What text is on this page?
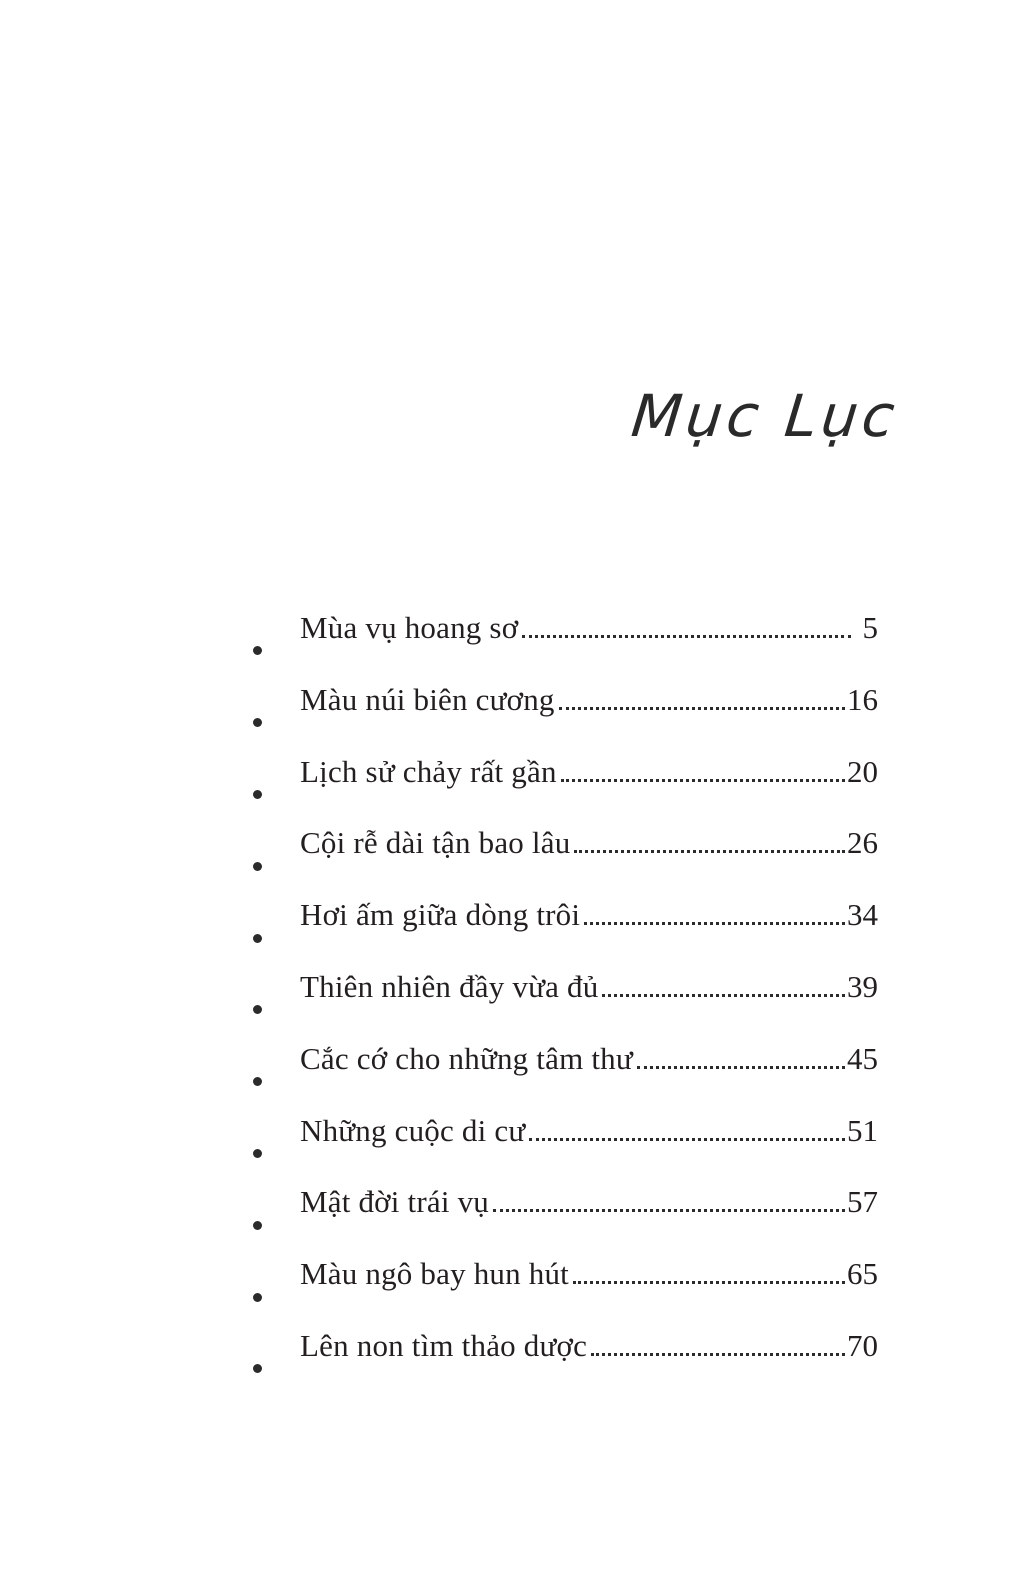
Mục Lục
Mùa vụ hoang sơ	5
Màu núi biên cương	16
Lịch sử chảy rất gần	20
Cội rễ dài tận bao lâu	26
Hơi ấm giữa dòng trôi	34
Thiên nhiên đầy vừa đủ	39
Cắc cớ cho những tâm thư	45
Những cuộc di cư	51
Mật đời trái vụ	57
Màu ngô bay hun hút	65
Lên non tìm thảo dược	70
